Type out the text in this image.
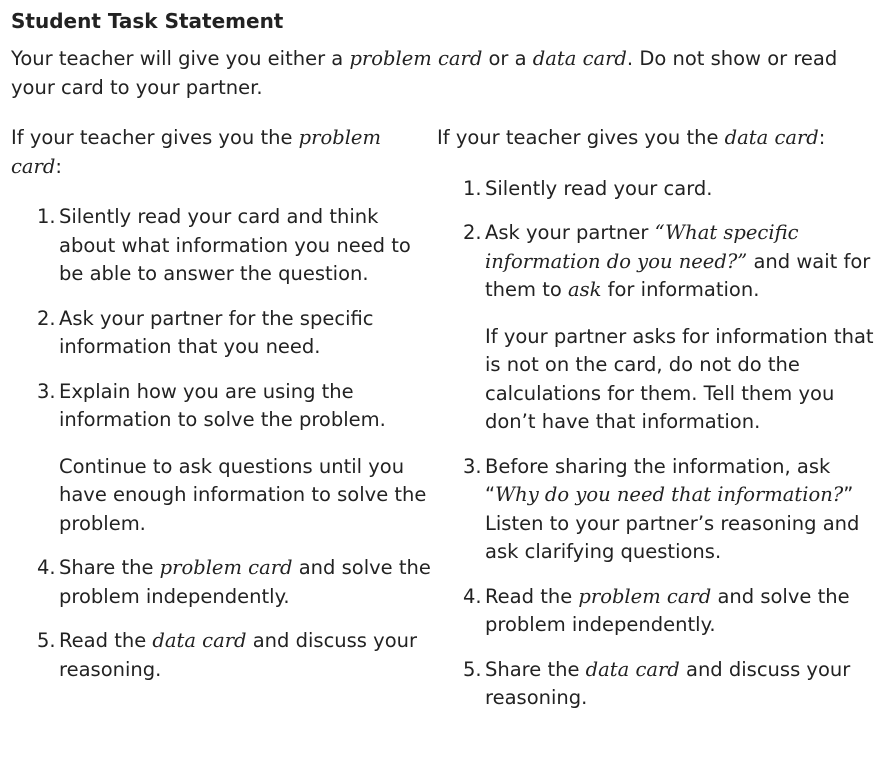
Student Task Statement

Your teacher will give you either a problem card or a data card. Do not show or read your card to your partner.

If your teacher gives you the problem card:

1. Silently read your card and think about what information you need to be able to answer the question.
2. Ask your partner for the specific information that you need.
3. Explain how you are using the information to solve the problem.
Continue to ask questions until you have enough information to solve the problem.
4. Share the problem card and solve the problem independently.
5. Read the data card and discuss your reasoning.

If your teacher gives you the data card:

1. Silently read your card.
2. Ask your partner “What specific information do you need?” and wait for them to ask for information.
If your partner asks for information that is not on the card, do not do the calculations for them. Tell them you don’t have that information.
3. Before sharing the information, ask “Why do you need that information?” Listen to your partner’s reasoning and ask clarifying questions.
4. Read the problem card and solve the problem independently.
5. Share the data card and discuss your reasoning.
